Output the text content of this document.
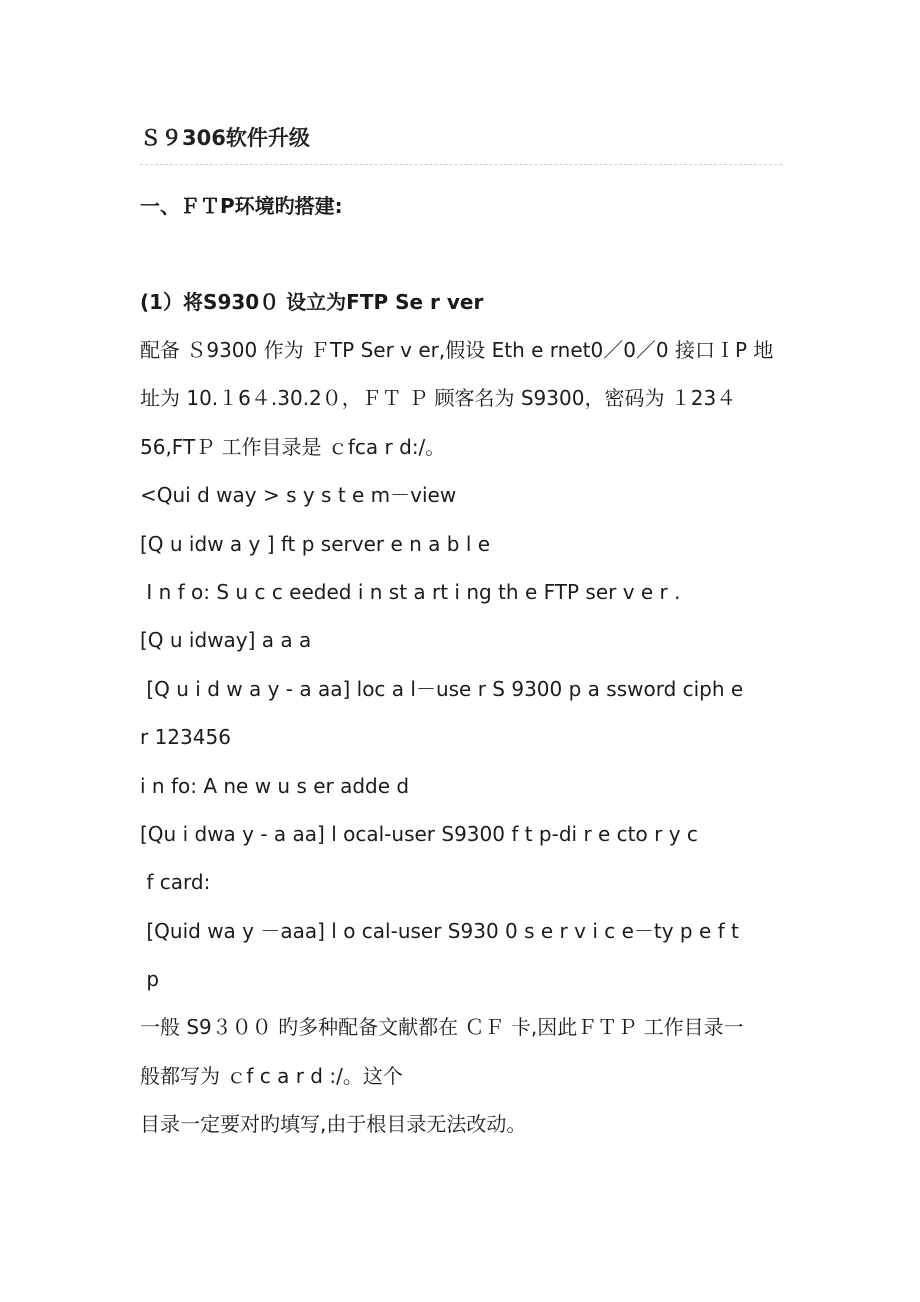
Ｓ９306软件升级
一、ＦＴP环境旳搭建:
(1）将S930０ 设立为FTP Se r ver
配备 Ｓ9300 作为 ＦTP Ser v er,假设 Eth e rnet0／0／0 接口ＩP 地
址为 10.１6４.30.2０，ＦＴ Ｐ 顾客名为 S9300，密码为 １23４
56,FTＰ 工作目录是 ｃfca r d:/。
<Qui d way > s y s t e m－view
[Q u idw a y ] ft p server e n a b l e
I n f o: S u c c eeded i n st a rt i ng th e FTP ser v e r .
[Q u idway] a a a
[Q u i d w a y - a aa] loc a l－use r S 9300 p a ssword ciph e
r 123456
i n fo: A ne w u s er adde d
[Qu i dwa y - a aa] l ocal-user S9300 f t p-di r e cto r y c
f card:
[Quid wa y －aaa] l o cal-user S930 0 s e r v i c e－ty p e f t
p
一般 S9３００ 旳多种配备文献都在 ＣＦ 卡,因此ＦＴＰ 工作目录一
般都写为 ｃf c a r d :/。这个
目录一定要对旳填写,由于根目录无法改动。
